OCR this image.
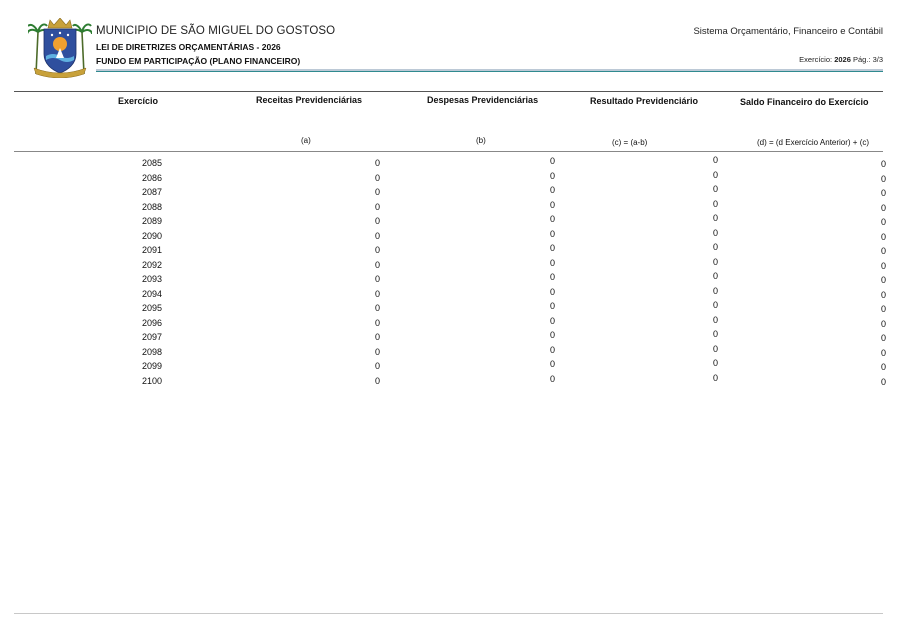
MUNICIPIO DE SÃO MIGUEL DO GOSTOSO
LEI DE DIRETRIZES ORÇAMENTÁRIAS - 2026
FUNDO EM PARTICIPAÇÃO (PLANO FINANCEIRO)
Sistema Orçamentário, Financeiro e Contábil
Exercício: 2026 Pág.: 3/3
Exercício	Receitas Previdenciárias
(a)
Despesas Previdenciárias
(b)
Resultado Previdenciário
(c) = (a-b)
Saldo Financeiro do Exercício
(d) = (d Exercício Anterior) + (c)
2085	0	0	0	0
2086	0	0	0	0
2087	0	0	0	0
2088	0	0	0	0
2089	0	0	0	0
2090	0	0	0	0
2091	0	0	0	0
2092	0	0	0	0
2093	0	0	0	0
2094	0	0	0	0
2095	0	0	0	0
2096	0	0	0	0
2097	0	0	0	0
2098	0	0	0	0
2099	0	0	0	0
2100	0	0	0	0
